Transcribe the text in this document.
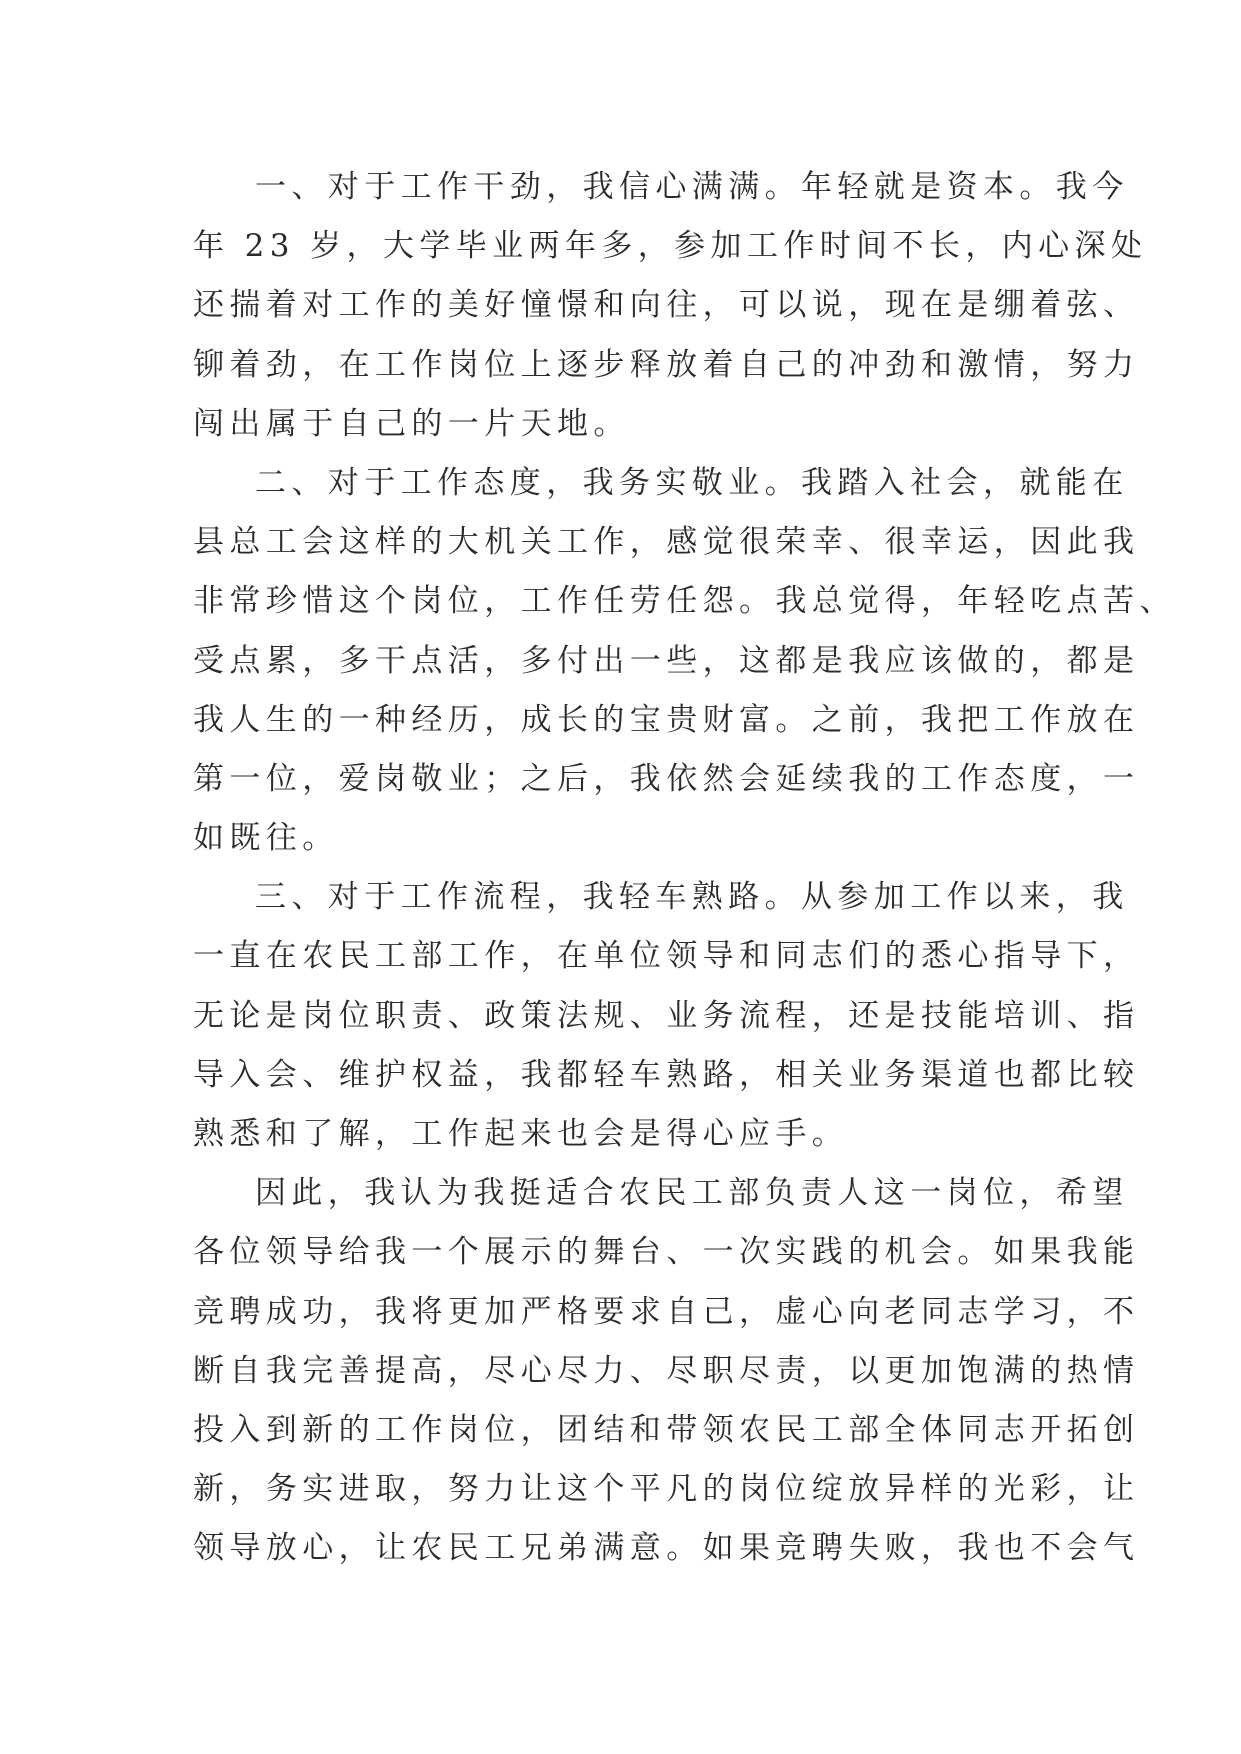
一、对于工作干劲，我信心满满。年轻就是资本。我今
年 23 岁，大学毕业两年多，参加工作时间不长，内心深处
还揣着对工作的美好憧憬和向往，可以说，现在是绷着弦、
铆着劲，在工作岗位上逐步释放着自己的冲劲和激情，努力
闯出属于自己的一片天地。
二、对于工作态度，我务实敬业。我踏入社会，就能在
县总工会这样的大机关工作，感觉很荣幸、很幸运，因此我
非常珍惜这个岗位，工作任劳任怨。我总觉得，年轻吃点苦、
受点累，多干点活，多付出一些，这都是我应该做的，都是
我人生的一种经历，成长的宝贵财富。之前，我把工作放在
第一位，爱岗敬业；之后，我依然会延续我的工作态度，一
如既往。
三、对于工作流程，我轻车熟路。从参加工作以来，我
一直在农民工部工作，在单位领导和同志们的悉心指导下，
无论是岗位职责、政策法规、业务流程，还是技能培训、指
导入会、维护权益，我都轻车熟路，相关业务渠道也都比较
熟悉和了解，工作起来也会是得心应手。
因此，我认为我挺适合农民工部负责人这一岗位，希望
各位领导给我一个展示的舞台、一次实践的机会。如果我能
竞聘成功，我将更加严格要求自己，虚心向老同志学习，不
断自我完善提高，尽心尽力、尽职尽责，以更加饱满的热情
投入到新的工作岗位，团结和带领农民工部全体同志开拓创
新，务实进取，努力让这个平凡的岗位绽放异样的光彩，让
领导放心，让农民工兄弟满意。如果竞聘失败，我也不会气
